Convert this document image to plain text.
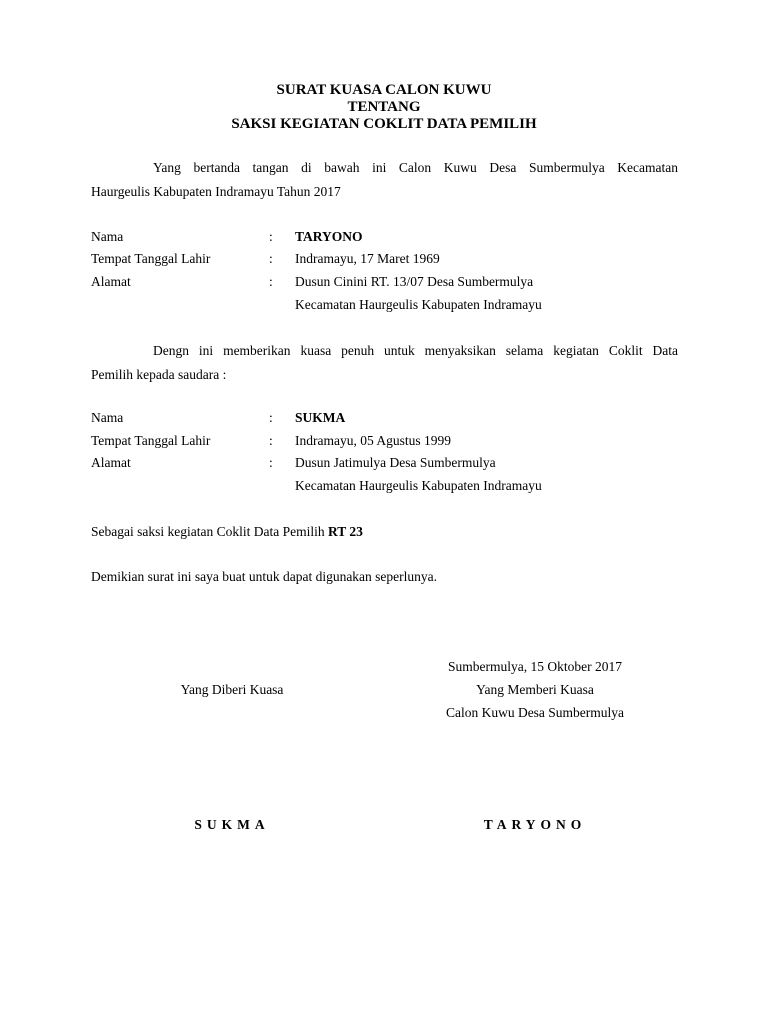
SURAT KUASA CALON KUWU
TENTANG
SAKSI KEGIATAN COKLIT DATA PEMILIH
Yang bertanda tangan di bawah ini Calon Kuwu Desa Sumbermulya Kecamatan
Haurgeulis Kabupaten Indramayu Tahun 2017
Nama	: TARYONO
Tempat Tanggal Lahir	: Indramayu, 17 Maret 1969
Alamat	: Dusun Cinini RT. 13/07 Desa Sumbermulya
Kecamatan Haurgeulis Kabupaten Indramayu
Dengn ini memberikan kuasa penuh untuk menyaksikan selama kegiatan Coklit Data
Pemilih kepada saudara :
Nama	: SUKMA
Tempat Tanggal Lahir	: Indramayu, 05 Agustus 1999
Alamat	: Dusun Jatimulya Desa Sumbermulya
Kecamatan Haurgeulis Kabupaten Indramayu
Sebagai saksi kegiatan Coklit Data Pemilih RT 23
Demikian surat ini saya buat untuk dapat digunakan seperlunya.
Sumbermulya, 15 Oktober 2017
Yang Diberi Kuasa	Yang Memberi Kuasa
Calon Kuwu Desa Sumbermulya
SUKMA	TARYONO
